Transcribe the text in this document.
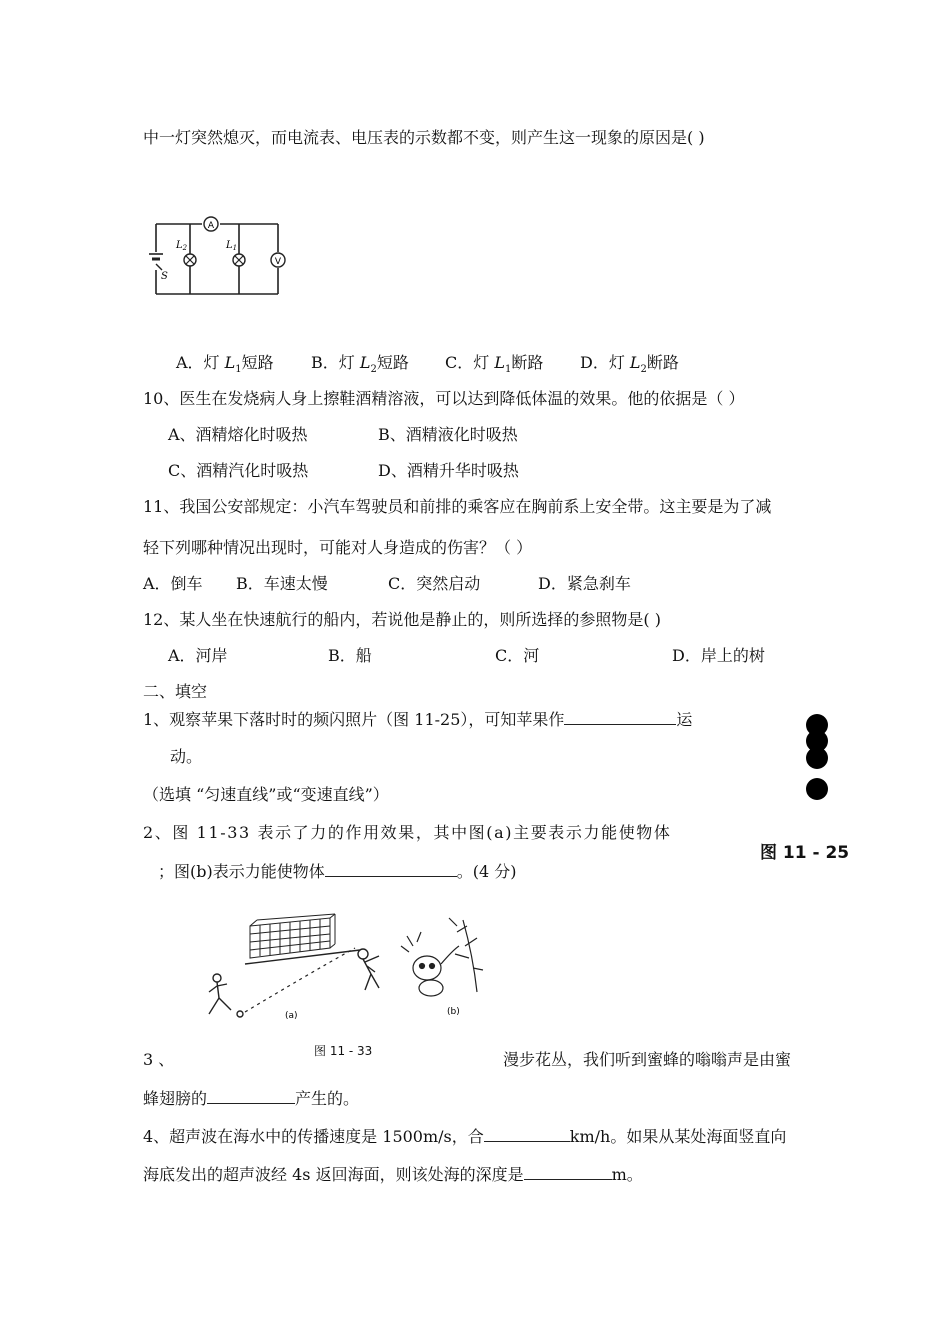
中一灯突然熄灭，而电流表、电压表的示数都不变，则产生这一现象的原因是( )
S
A
$L_2$	$L_1$
V
A．灯 $L_1$短路 B．灯 $L_2$短路 C．灯 $L_1$断路 D．灯 $L_2$断路
10、医生在发烧病人身上擦鞋酒精溶液，可以达到降低体温的效果。他的依据是（ ）
A、酒精熔化时吸热	B、酒精液化时吸热
C、酒精汽化时吸热	D、酒精升华时吸热
11、我国公安部规定：小汽车驾驶员和前排的乘客应在胸前系上安全带。这主要是为了减
轻下列哪种情况出现时，可能对人身造成的伤害？（ ）
A．倒车 B．车速太慢	C．突然启动	D．紧急刹车
12、某人坐在快速航行的船内，若说他是静止的，则所选择的参照物是( )
A．河岸	B．船	C．河	D．岸上的树
二、填空
1、观察苹果下落时时的频闪照片（图 11-25），可知苹果作	运
动。
（选填 “匀速直线”或“变速直线”）
图 11 - 25
2、图 11-33 表示了力的作用效果，其中图(a)主要表示力能使物体
；图(b)表示力能使物体	。(4 分)
(a)	(b)
图 11 - 33
3 、	漫步花丛，我们听到蜜蜂的嗡嗡声是由蜜
蜂翅膀的	产生的。
4、超声波在海水中的传播速度是 1500m/s，合	km/h。如果从某处海面竖直向
海底发出的超声波经 4s 返回海面，则该处海的深度是	m。
